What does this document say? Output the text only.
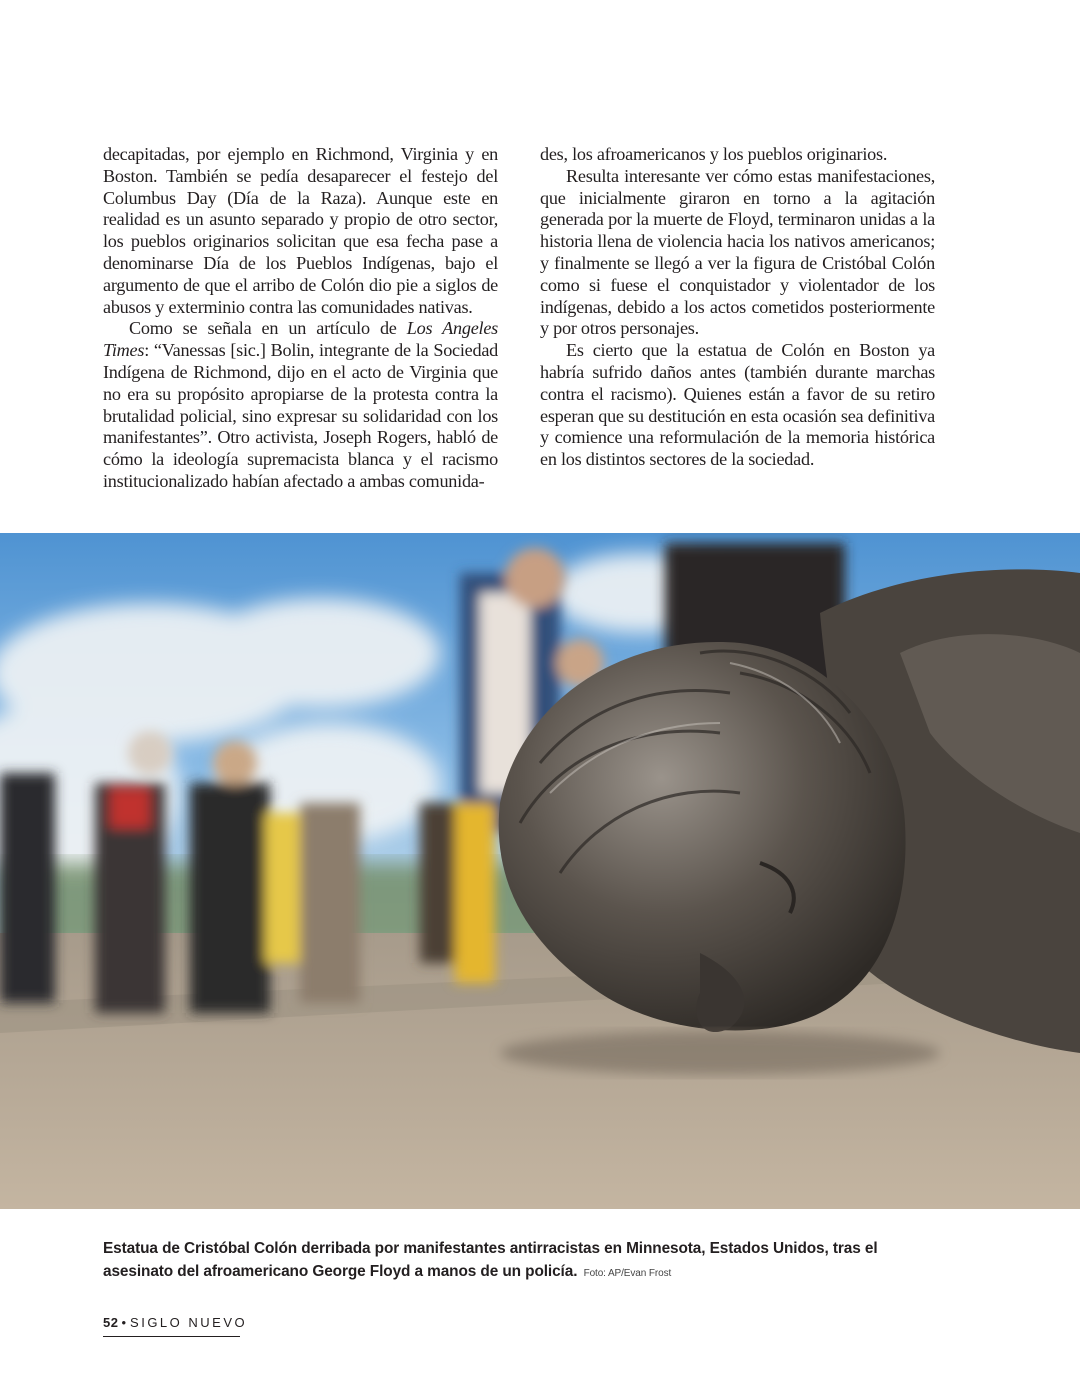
decapitadas, por ejemplo en Richmond, Virginia y en Boston. También se pedía desaparecer el festejo del Columbus Day (Día de la Raza). Aunque este en realidad es un asunto separado y propio de otro sector, los pueblos originarios solicitan que esa fecha pase a denominarse Día de los Pueblos Indígenas, bajo el argumento de que el arribo de Colón dio pie a siglos de abusos y exterminio contra las comunidades nativas.

Como se señala en un artículo de Los Angeles Times: “Vanessas [sic.] Bolin, integrante de la Sociedad Indígena de Richmond, dijo en el acto de Virginia que no era su propósito apropiarse de la protesta contra la brutalidad policial, sino expresar su solidaridad con los manifestantes”. Otro activista, Joseph Rogers, habló de cómo la ideología supremacista blanca y el racismo institucionalizado habían afectado a ambas comunida-

des, los afroamericanos y los pueblos originarios.

Resulta interesante ver cómo estas manifestaciones, que inicialmente giraron en torno a la agitación generada por la muerte de Floyd, terminaron unidas a la historia llena de violencia hacia los nativos americanos; y finalmente se llegó a ver la figura de Cristóbal Colón como si fuese el conquistador y violentador de los indígenas, debido a los actos cometidos posteriormente y por otros personajes.

Es cierto que la estatua de Colón en Boston ya habría sufrido daños antes (también durante marchas contra el racismo). Quienes están a favor de su retiro esperan que su destitución en esta ocasión sea definitiva y comience una reformulación de la memoria histórica en los distintos sectores de la sociedad.

Estatua de Cristóbal Colón derribada por manifestantes antirracistas en Minnesota, Estados Unidos, tras el asesinato del afroamericano George Floyd a manos de un policía. Foto: AP/Evan Frost
52 • SIGLO NUEVO
